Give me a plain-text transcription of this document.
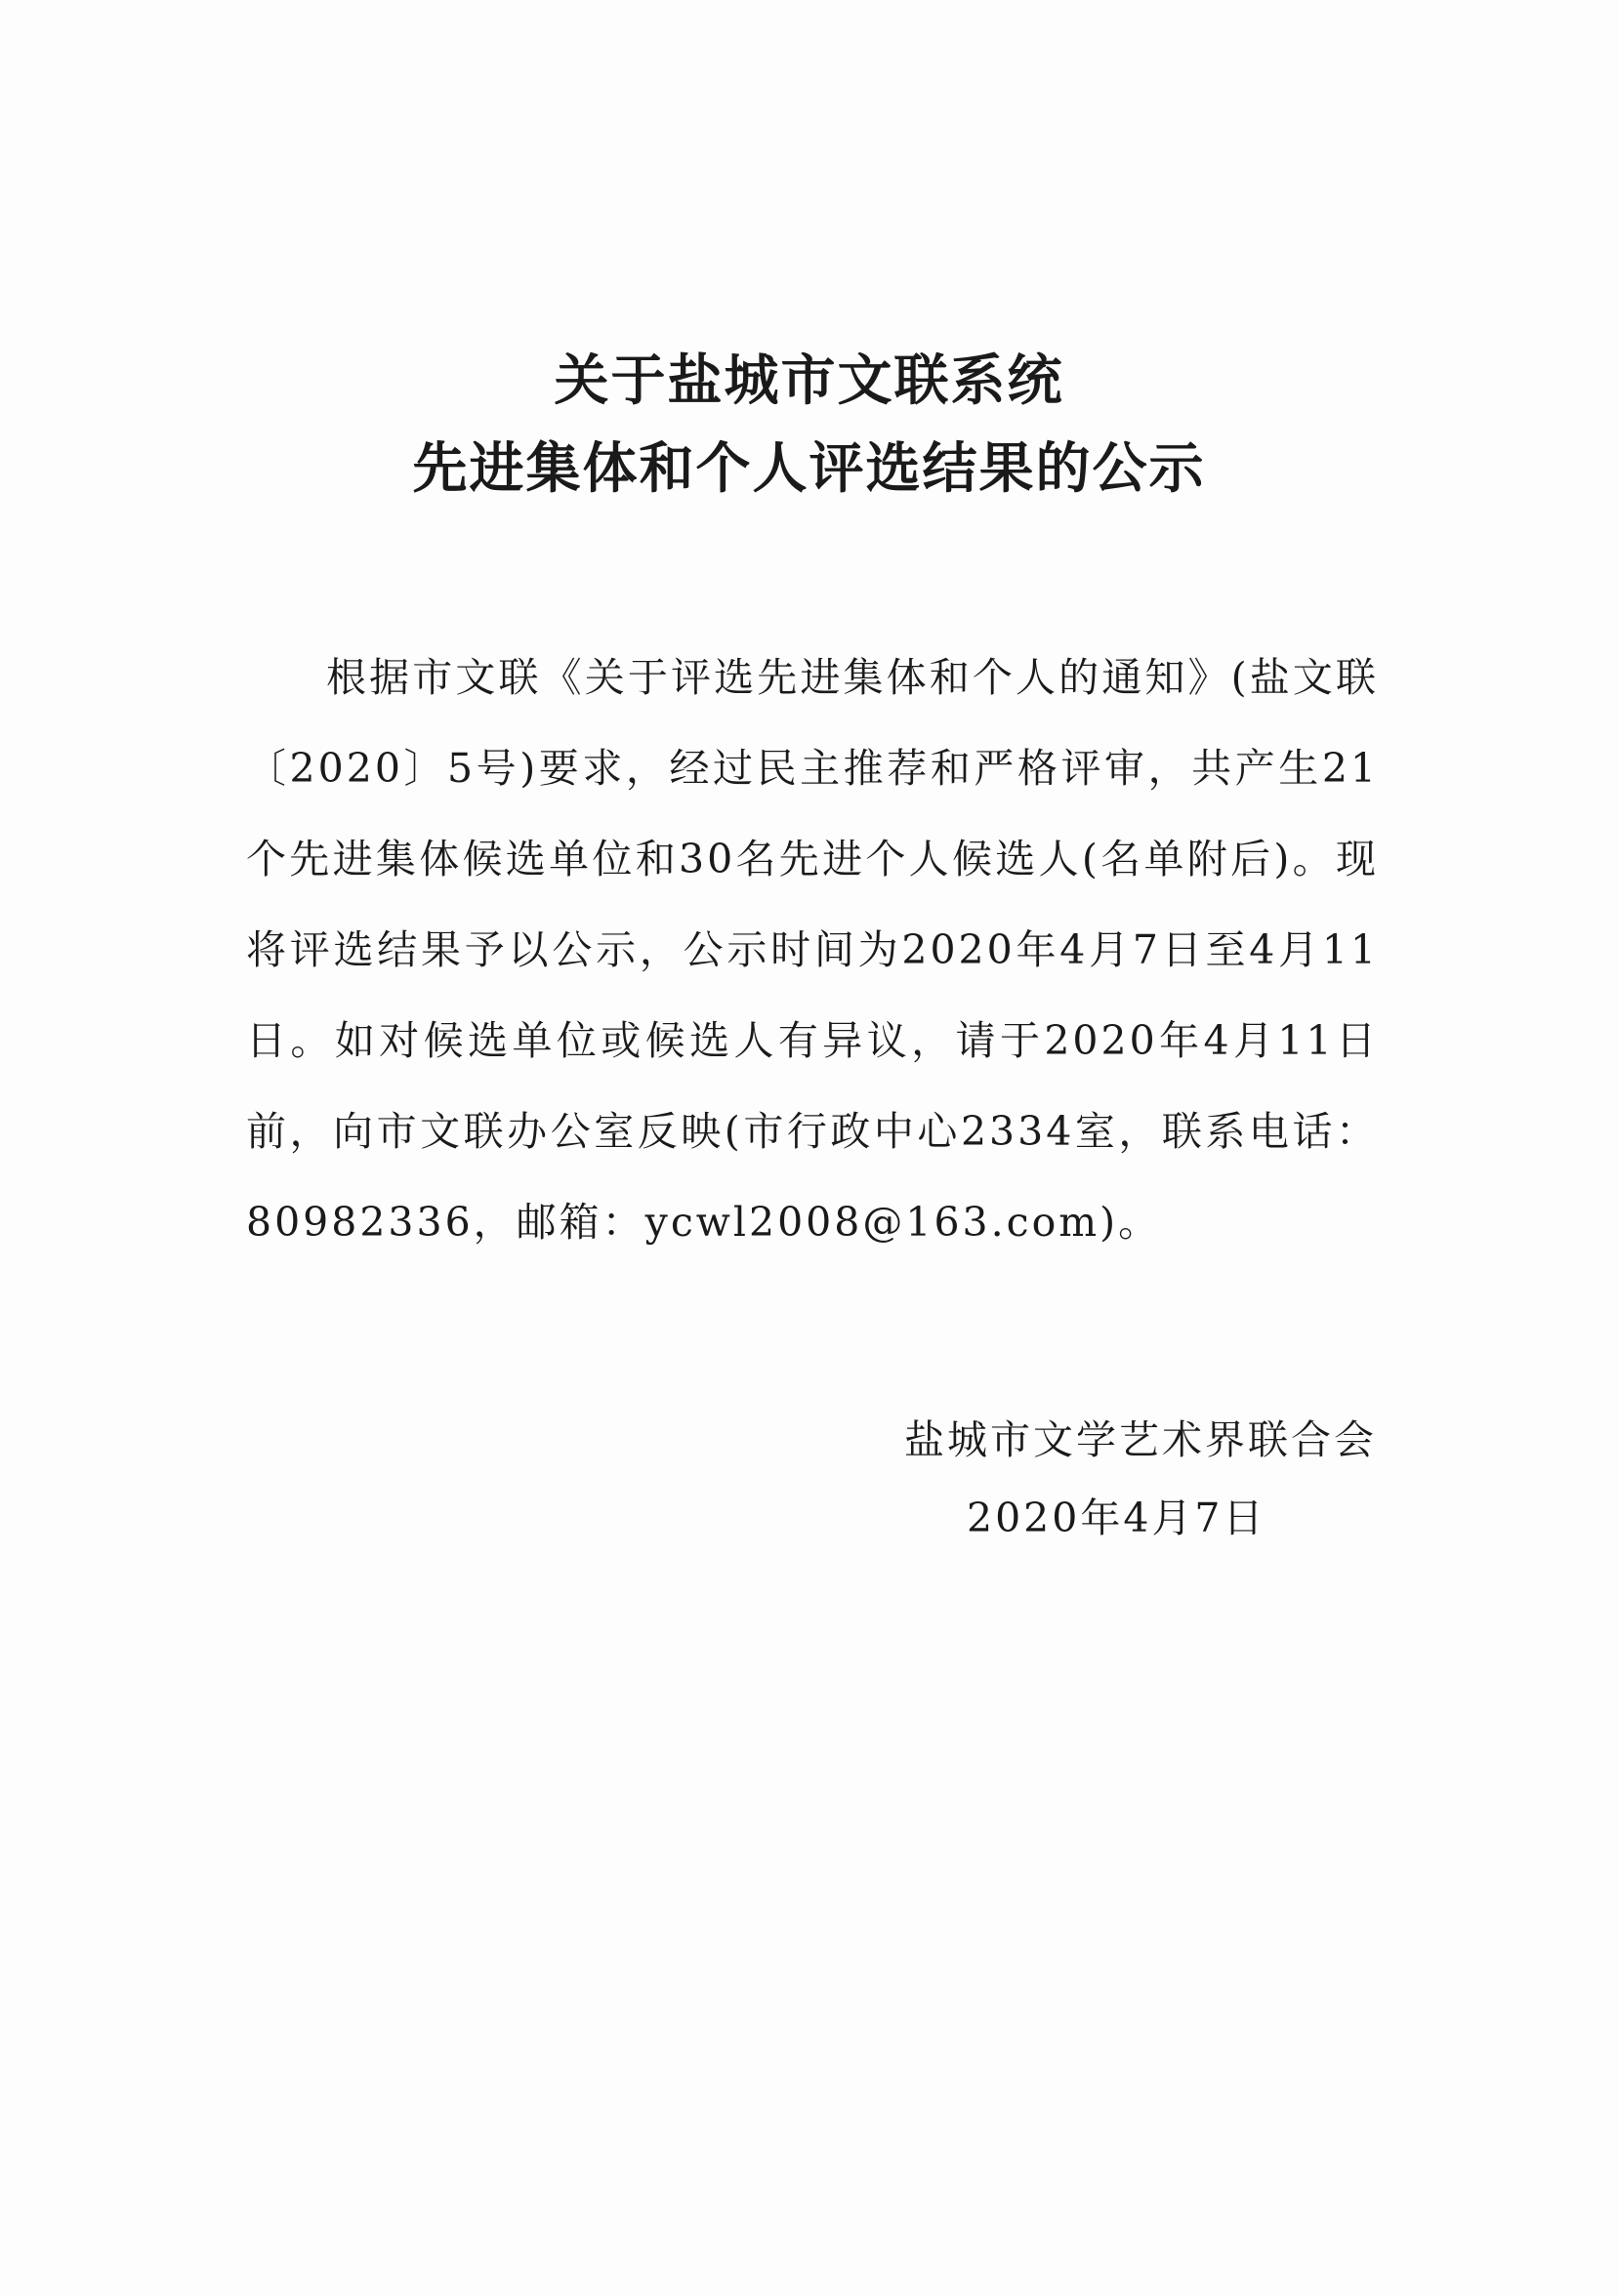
关于盐城市文联系统
先进集体和个人评选结果的公示

根据市文联《关于评选先进集体和个人的通知》(盐文联〔2020〕5号)要求，经过民主推荐和严格评审，共产生21个先进集体候选单位和30名先进个人候选人(名单附后)。现将评选结果予以公示，公示时间为2020年4月7日至4月11日。如对候选单位或候选人有异议，请于2020年4月11日前，向市文联办公室反映(市行政中心2334室，联系电话：80982336，邮箱：ycwl2008@163.com)。

盐城市文学艺术界联合会
2020年4月7日
